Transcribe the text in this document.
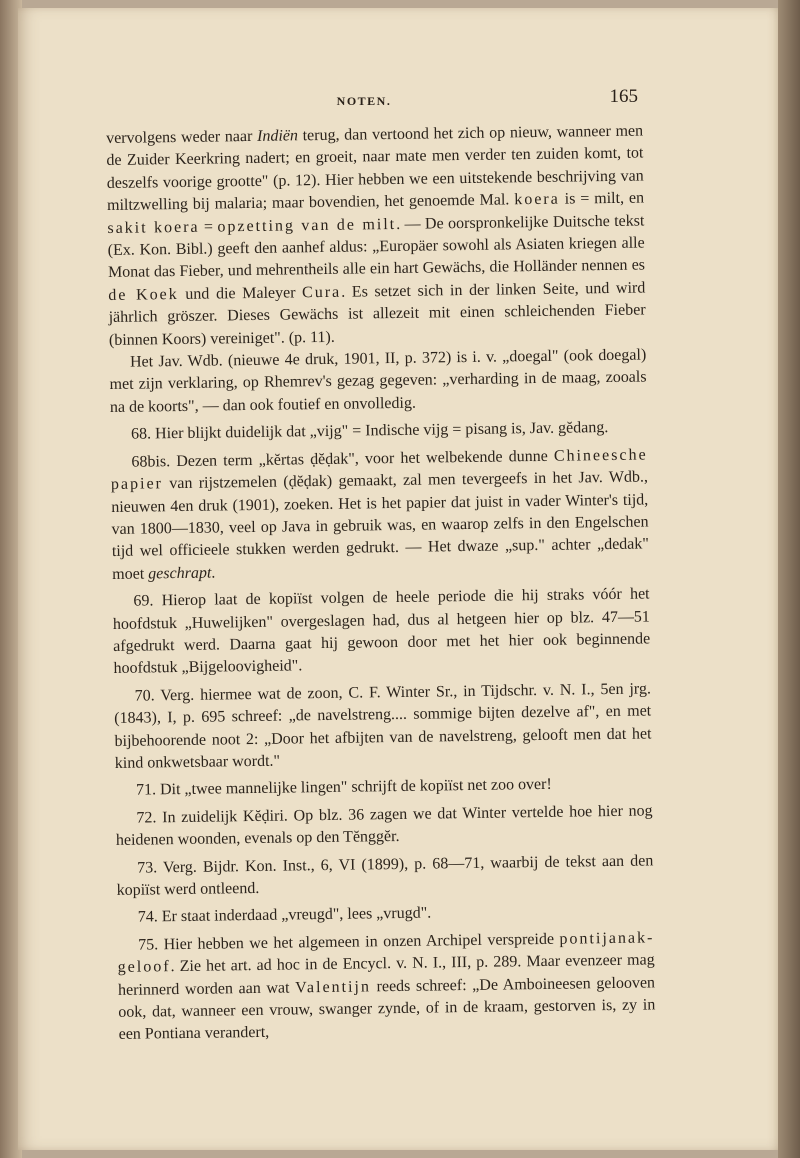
NOTEN.	165

vervolgens weder naar Indiën terug, dan vertoond het zich op nieuw, wanneer men de Zuider Keerkring nadert; en groeit, naar mate men verder ten zuiden komt, tot deszelfs voorige grootte" (p. 12). Hier hebben we een uitstekende beschrijving van miltzwelling bij malaria; maar bovendien, het genoemde Mal. koera is = milt, en sakit koera = opzetting van de milt. — De oorspronkelijke Duitsche tekst (Ex. Kon. Bibl.) geeft den aanhef aldus: „Europäer sowohl als Asiaten kriegen alle Monat das Fieber, und mehrentheils alle ein hart Gewächs, die Holländer nennen es de Koek und die Maleyer Cura. Es setzet sich in der linken Seite, und wird jährlich gröszer. Dieses Gewächs ist allezeit mit einen schleichenden Fieber (binnen Koors) vereiniget". (p. 11).

Het Jav. Wdb. (nieuwe 4e druk, 1901, II, p. 372) is i. v. „doegal" (ook doegal) met zijn verklaring, op Rhemrev's gezag gegeven: „verharding in de maag, zooals na de koorts", — dan ook foutief en onvolledig.

68. Hier blijkt duidelijk dat „vijg" = Indische vijg = pisang is, Jav. gĕdang.

68bis. Dezen term „kĕrtas ḍĕḍak", voor het welbekende dunne Chineesche papier van rijstzemelen (ḍĕḍak) gemaakt, zal men tevergeefs in het Jav. Wdb., nieuwen 4en druk (1901), zoeken. Het is het papier dat juist in vader Winter's tijd, van 1800—1830, veel op Java in gebruik was, en waarop zelfs in den Engelschen tijd wel officieele stukken werden gedrukt. — Het dwaze „sup." achter „dedak" moet geschrapt.

69. Hierop laat de kopiïst volgen de heele periode die hij straks vóór het hoofdstuk „Huwelijken" overgeslagen had, dus al hetgeen hier op blz. 47—51 afgedrukt werd. Daarna gaat hij gewoon door met het hier ook beginnende hoofdstuk „Bijgeloovigheid".

70. Verg. hiermee wat de zoon, C. F. Winter Sr., in Tijdschr. v. N. I., 5en jrg. (1843), I, p. 695 schreef: „de navelstreng.... sommige bijten dezelve af", en met bijbehoorende noot 2: „Door het afbijten van de navelstreng, gelooft men dat het kind onkwetsbaar wordt."

71. Dit „twee mannelijke lingen" schrijft de kopiïst net zoo over!

72. In zuidelijk Kĕḍiri. Op blz. 36 zagen we dat Winter vertelde hoe hier nog heidenen woonden, evenals op den Tĕnggĕr.

73. Verg. Bijdr. Kon. Inst., 6, VI (1899), p. 68—71, waarbij de tekst aan den kopiïst werd ontleend.

74. Er staat inderdaad „vreugd", lees „vrugd".

75. Hier hebben we het algemeen in onzen Archipel verspreide pontijanak-geloof. Zie het art. ad hoc in de Encycl. v. N. I., III, p. 289. Maar evenzeer mag herinnerd worden aan wat Valentijn reeds schreef: „De Amboineesen gelooven ook, dat, wanneer een vrouw, swanger zynde, of in de kraam, gestorven is, zy in een Pontiana verandert,
